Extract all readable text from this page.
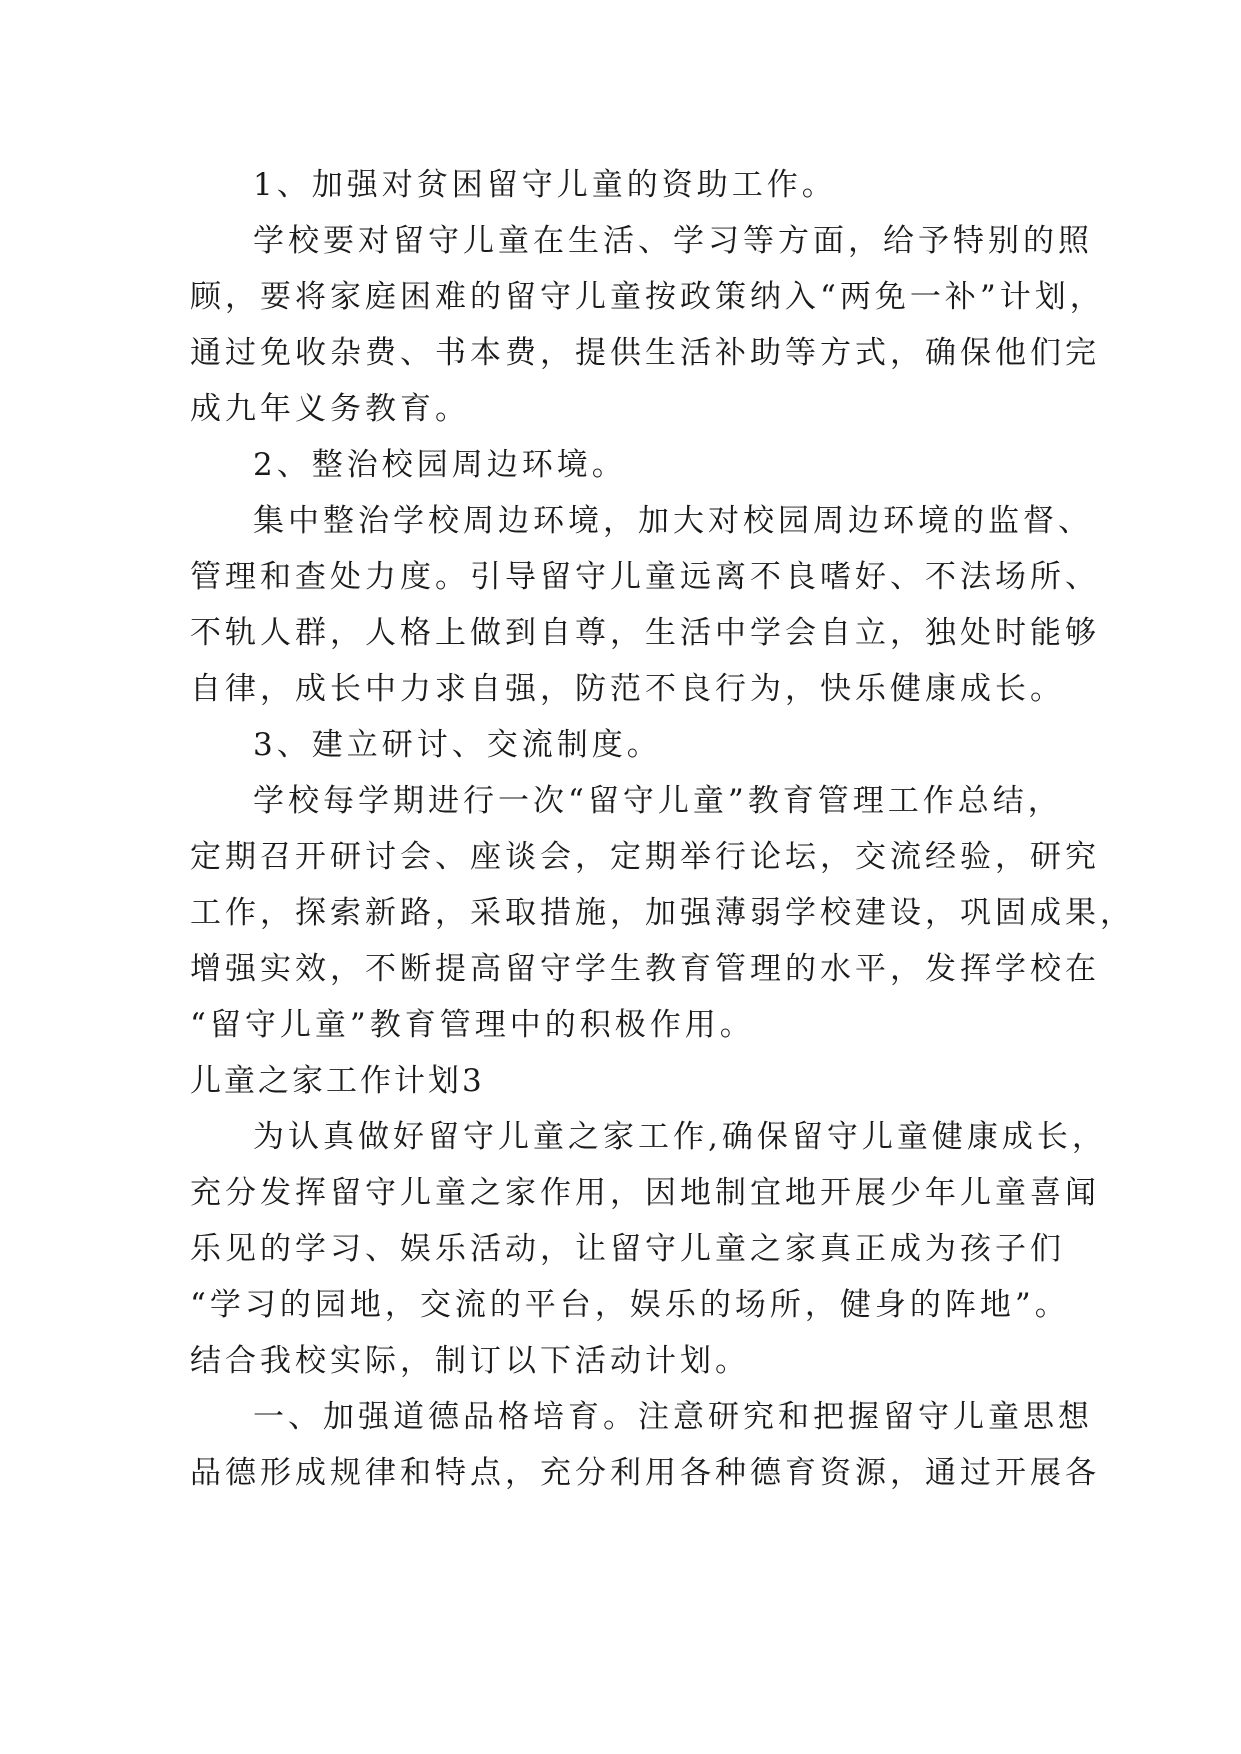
1、加强对贫困留守儿童的资助工作。
学校要对留守儿童在生活、学习等方面，给予特别的照
顾，要将家庭困难的留守儿童按政策纳入“两免一补”计划，
通过免收杂费、书本费，提供生活补助等方式，确保他们完
成九年义务教育。
2、整治校园周边环境。
集中整治学校周边环境，加大对校园周边环境的监督、
管理和查处力度。引导留守儿童远离不良嗜好、不法场所、
不轨人群，人格上做到自尊，生活中学会自立，独处时能够
自律，成长中力求自强，防范不良行为，快乐健康成长。
3、建立研讨、交流制度。
学校每学期进行一次“留守儿童”教育管理工作总结，
定期召开研讨会、座谈会，定期举行论坛，交流经验，研究
工作，探索新路，采取措施，加强薄弱学校建设，巩固成果，
增强实效，不断提高留守学生教育管理的水平，发挥学校在
“留守儿童”教育管理中的积极作用。
儿童之家工作计划3
为认真做好留守儿童之家工作,确保留守儿童健康成长，
充分发挥留守儿童之家作用，因地制宜地开展少年儿童喜闻
乐见的学习、娱乐活动，让留守儿童之家真正成为孩子们
“学习的园地，交流的平台，娱乐的场所，健身的阵地”。
结合我校实际，制订以下活动计划。
一、加强道德品格培育。注意研究和把握留守儿童思想
品德形成规律和特点，充分利用各种德育资源，通过开展各
